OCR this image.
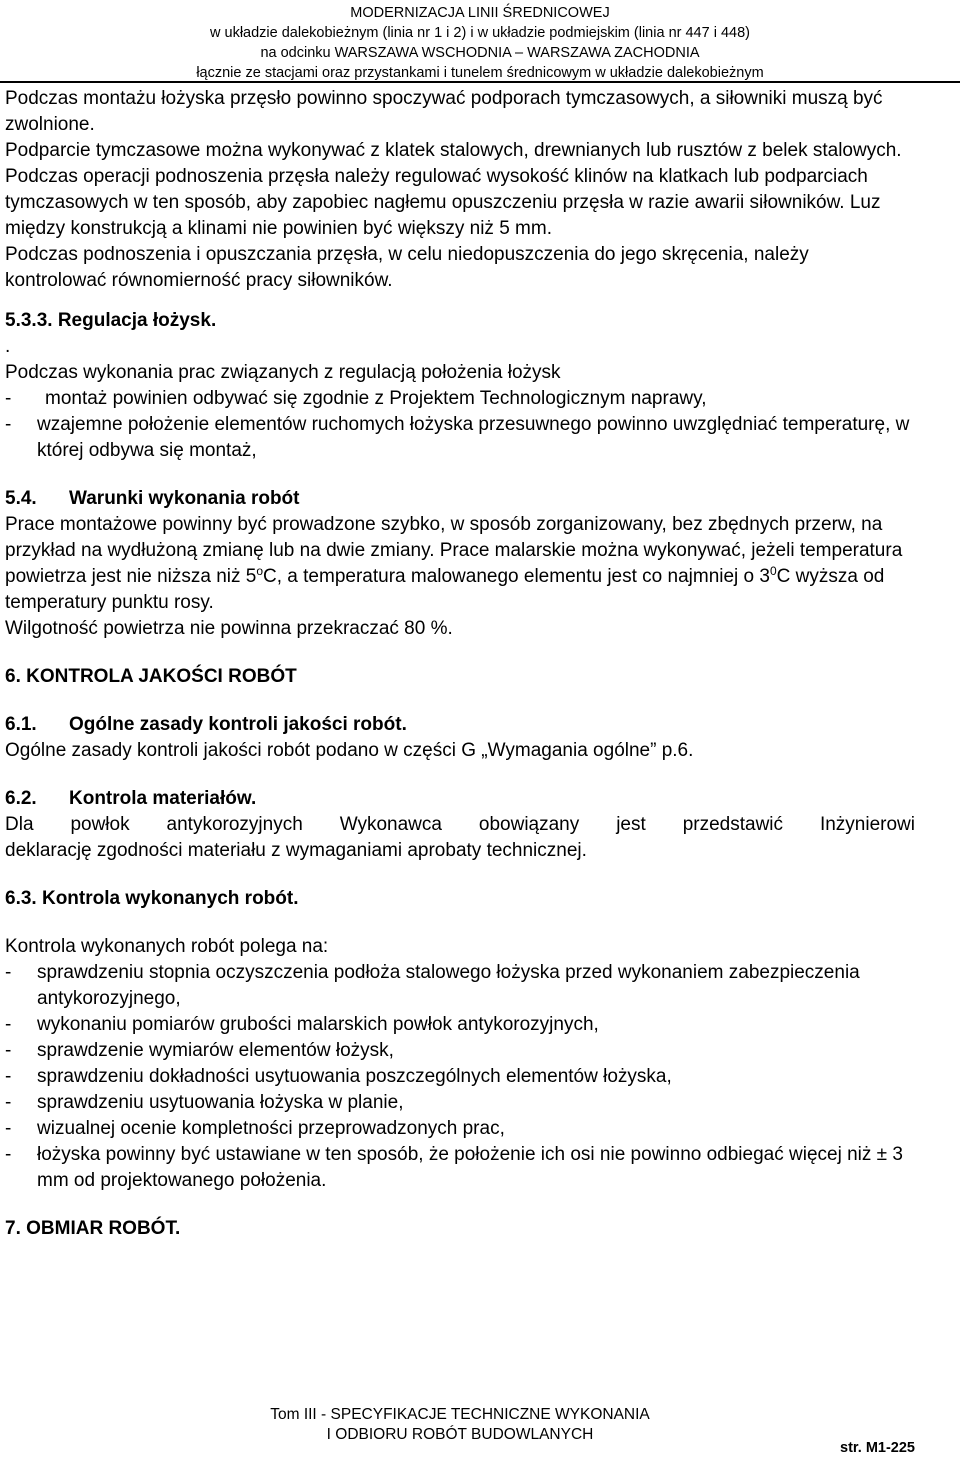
MODERNIZACJA LINII ŚREDNICOWEJ
w układzie dalekobieżnym (linia nr 1 i 2) i w układzie podmiejskim (linia nr 447 i 448)
na odcinku WARSZAWA WSCHODNIA – WARSZAWA ZACHODNIA
łącznie ze stacjami oraz przystankami i tunelem średnicowym w układzie dalekobieżnym

Podczas montażu łożyska przęsło powinno spoczywać podporach tymczasowych, a siłowniki muszą być zwolnione.

Podparcie tymczasowe można wykonywać z klatek stalowych, drewnianych lub rusztów z belek stalowych.

Podczas operacji podnoszenia przęsła należy regulować wysokość klinów na klatkach lub podparciach tymczasowych w ten sposób, aby zapobiec nagłemu opuszczeniu przęsła w razie awarii siłowników. Luz między konstrukcją a klinami nie powinien być większy niż 5 mm.

Podczas podnoszenia i opuszczania przęsła, w celu niedopuszczenia do jego skręcenia, należy kontrolować równomierność pracy siłowników.

5.3.3. Regulacja łożysk.

.

Podczas wykonania prac związanych z regulacją położenia łożysk

-	montaż powinien odbywać się zgodnie z Projektem Technologicznym naprawy,
-	wzajemne położenie elementów ruchomych łożyska przesuwnego powinno uwzględniać temperaturę, w której odbywa się montaż,

5.4. Warunki wykonania robót

Prace montażowe powinny być prowadzone szybko, w sposób zorganizowany, bez zbędnych przerw, na przykład na wydłużoną zmianę lub na dwie zmiany. Prace malarskie można wykonywać, jeżeli temperatura powietrza jest nie niższa niż 5$^o$C, a temperatura malowanego elementu jest co najmniej o $3^0C$ wyższa od temperatury punktu rosy.

Wilgotność powietrza nie powinna przekraczać 80 %.

6. KONTROLA JAKOŚCI ROBÓT

6.1. Ogólne zasady kontroli jakości robót.

Ogólne zasady kontroli jakości robót podano w części G „Wymagania ogólne” p.6.

6.2. Kontrola materiałów.

Dla powłok antykorozyjnych Wykonawca obowiązany jest przedstawić Inżynierowi

deklarację zgodności materiału z wymaganiami aprobaty technicznej.

6.3. Kontrola wykonanych robót.

Kontrola wykonanych robót polega na:

-	sprawdzeniu stopnia oczyszczenia podłoża stalowego łożyska przed wykonaniem zabezpieczenia antykorozyjnego,
-	wykonaniu pomiarów grubości malarskich powłok antykorozyjnych,
-	sprawdzenie wymiarów elementów łożysk,
-	sprawdzeniu dokładności usytuowania poszczególnych elementów łożyska,
-	sprawdzeniu usytuowania łożyska w planie,
-	wizualnej ocenie kompletności przeprowadzonych prac,
-	łożyska powinny być ustawiane w ten sposób, że położenie ich osi nie powinno odbiegać więcej niż ± 3 mm od projektowanego położenia.

7. OBMIAR ROBÓT.

Tom III - SPECYFIKACJE TECHNICZNE WYKONANIA
I ODBIORU ROBÓT BUDOWLANYCH
str. M1-225
